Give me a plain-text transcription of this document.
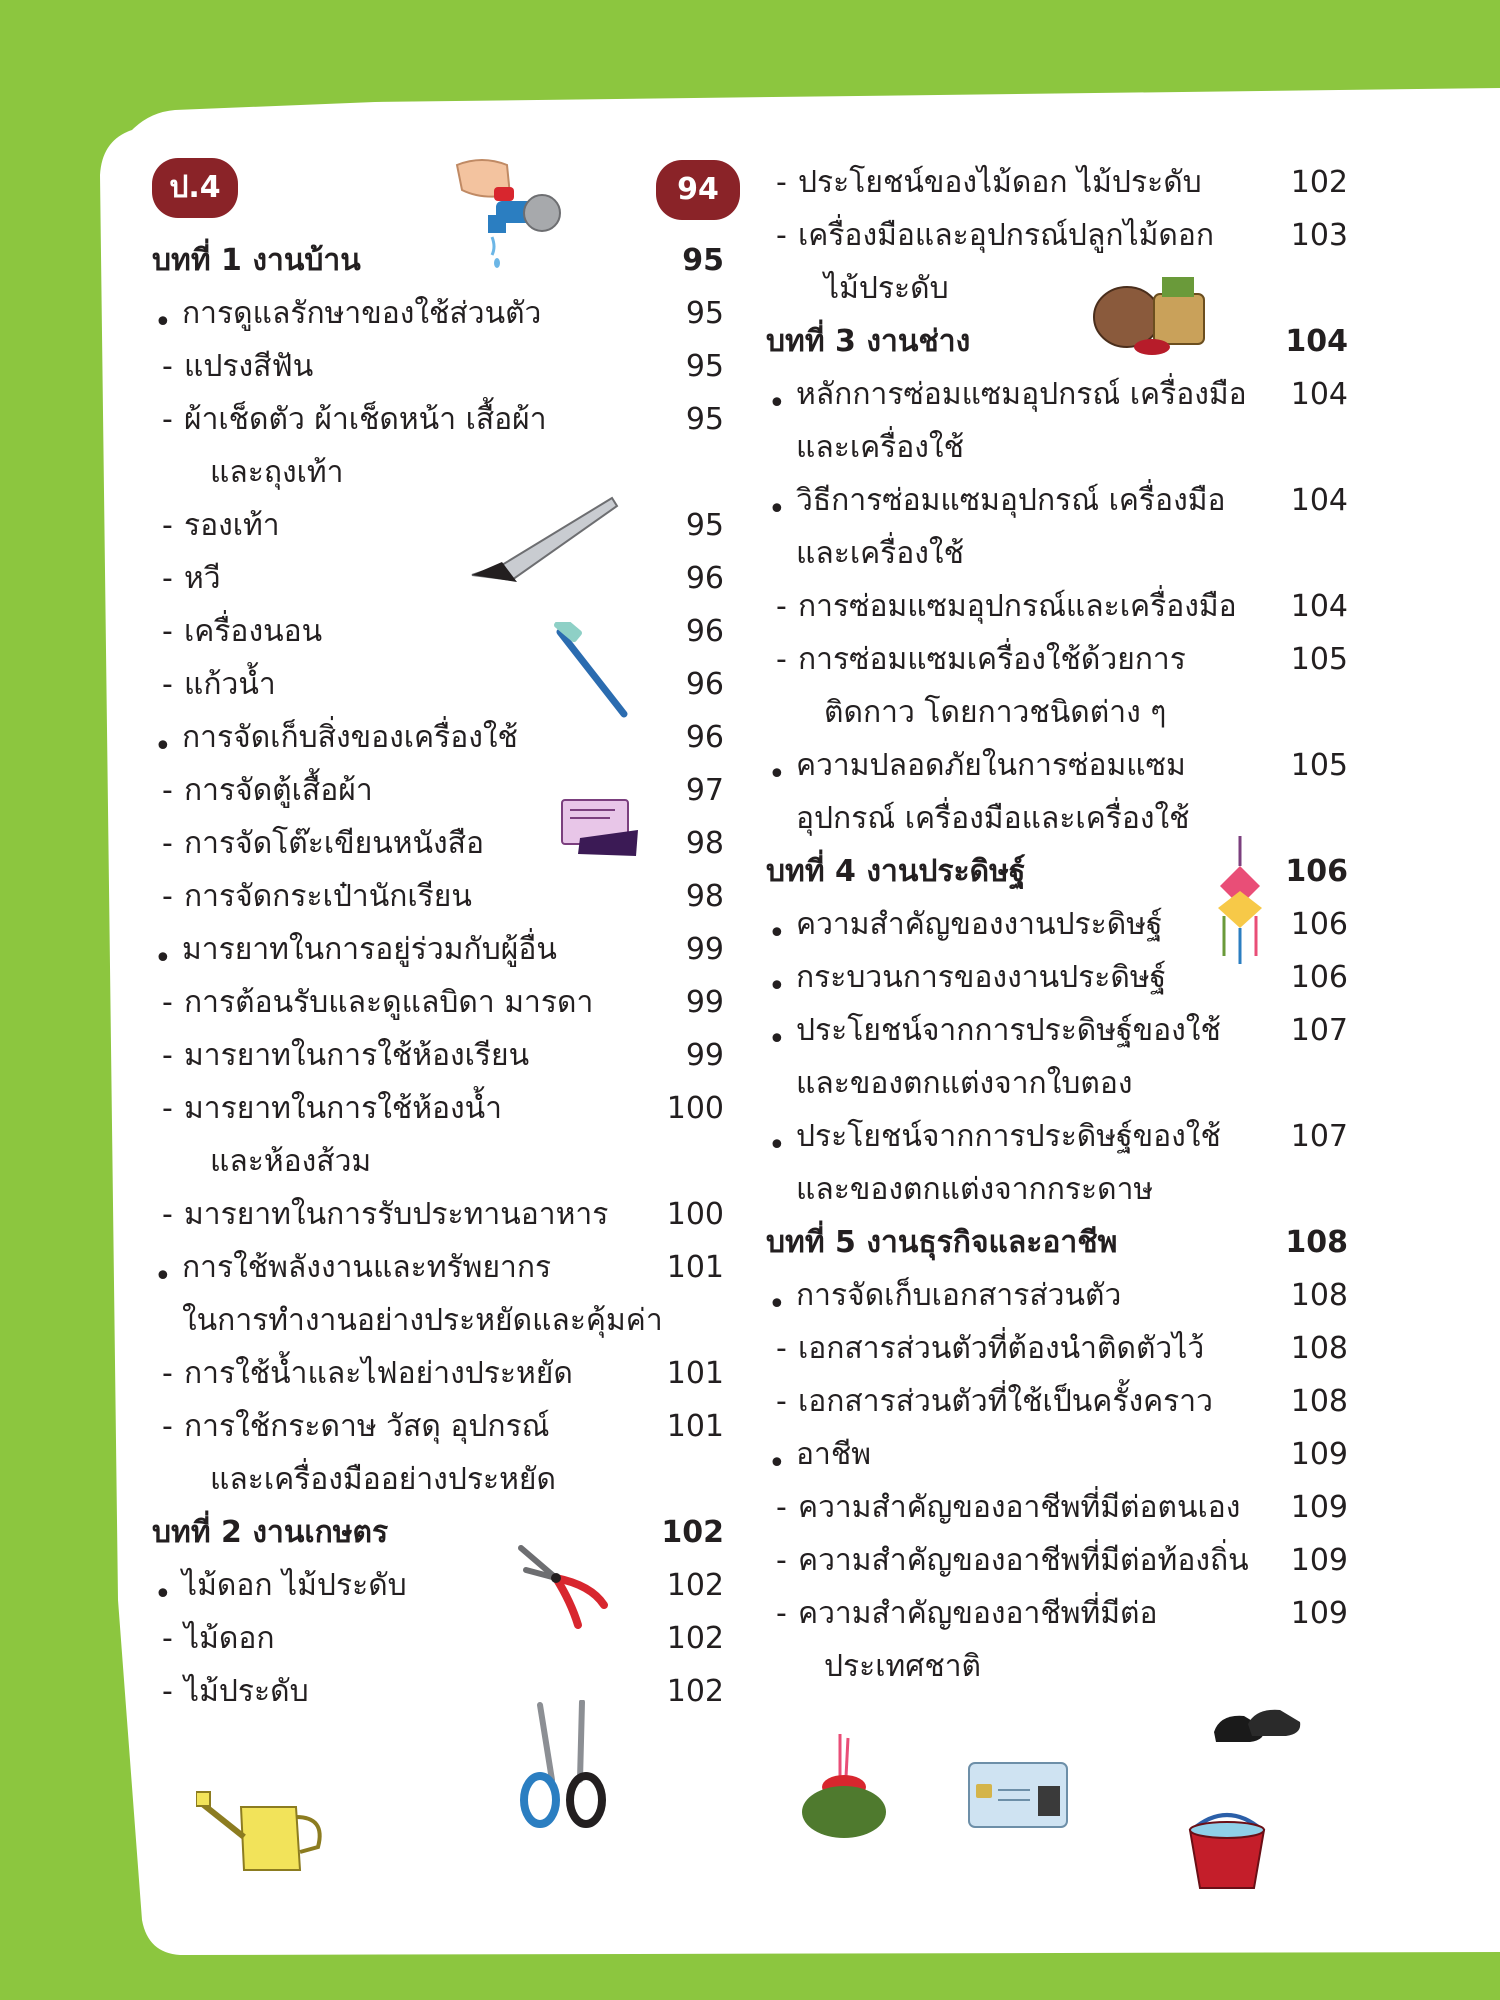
ป.4	94
บทที่ 1 งานบ้าน	95
• การดูแลรักษาของใช้ส่วนตัว	95
- แปรงสีฟัน	95
- ผ้าเช็ดตัว ผ้าเช็ดหน้า เสื้อผ้า	95
และถุงเท้า
- รองเท้า	95
- หวี	96
- เครื่องนอน	96
- แก้วน้ำ	96
• การจัดเก็บสิ่งของเครื่องใช้	96
- การจัดตู้เสื้อผ้า	97
- การจัดโต๊ะเขียนหนังสือ	98
- การจัดกระเป๋านักเรียน	98
• มารยาทในการอยู่ร่วมกับผู้อื่น	99
- การต้อนรับและดูแลบิดา มารดา	99
- มารยาทในการใช้ห้องเรียน	99
- มารยาทในการใช้ห้องน้ำ	100
และห้องส้วม
- มารยาทในการรับประทานอาหาร 100
• การใช้พลังงานและทรัพยากร	101
ในการทำงานอย่างประหยัดและคุ้มค่า
- การใช้น้ำและไฟอย่างประหยัด	101
- การใช้กระดาษ วัสดุ อุปกรณ์	101
และเครื่องมืออย่างประหยัด
บทที่ 2 งานเกษตร	102
• ไม้ดอก ไม้ประดับ	102
- ไม้ดอก	102
- ไม้ประดับ	102
- ประโยชน์ของไม้ดอก ไม้ประดับ	102
- เครื่องมือและอุปกรณ์ปลูกไม้ดอก	103
ไม้ประดับ
บทที่ 3 งานช่าง	104
• หลักการซ่อมแซมอุปกรณ์ เครื่องมือ 104
และเครื่องใช้
• วิธีการซ่อมแซมอุปกรณ์ เครื่องมือ 104
และเครื่องใช้
- การซ่อมแซมอุปกรณ์และเครื่องมือ 104
- การซ่อมแซมเครื่องใช้ด้วยการ	105
ติดกาว โดยกาวชนิดต่าง ๆ
• ความปลอดภัยในการซ่อมแซม	105
อุปกรณ์ เครื่องมือและเครื่องใช้
บทที่ 4 งานประดิษฐ์	106
• ความสำคัญของงานประดิษฐ์	106
• กระบวนการของงานประดิษฐ์	106
• ประโยชน์จากการประดิษฐ์ของใช้ 107
และของตกแต่งจากใบตอง
• ประโยชน์จากการประดิษฐ์ของใช้ 107
และของตกแต่งจากกระดาษ
บทที่ 5 งานธุรกิจและอาชีพ	108
• การจัดเก็บเอกสารส่วนตัว	108
- เอกสารส่วนตัวที่ต้องนำติดตัวไว้	108
- เอกสารส่วนตัวที่ใช้เป็นครั้งคราว	108
• อาชีพ	109
- ความสำคัญของอาชีพที่มีต่อตนเอง 109
- ความสำคัญของอาชีพที่มีต่อท้องถิ่น 109
- ความสำคัญของอาชีพที่มีต่อ	109
ประเทศชาติ
